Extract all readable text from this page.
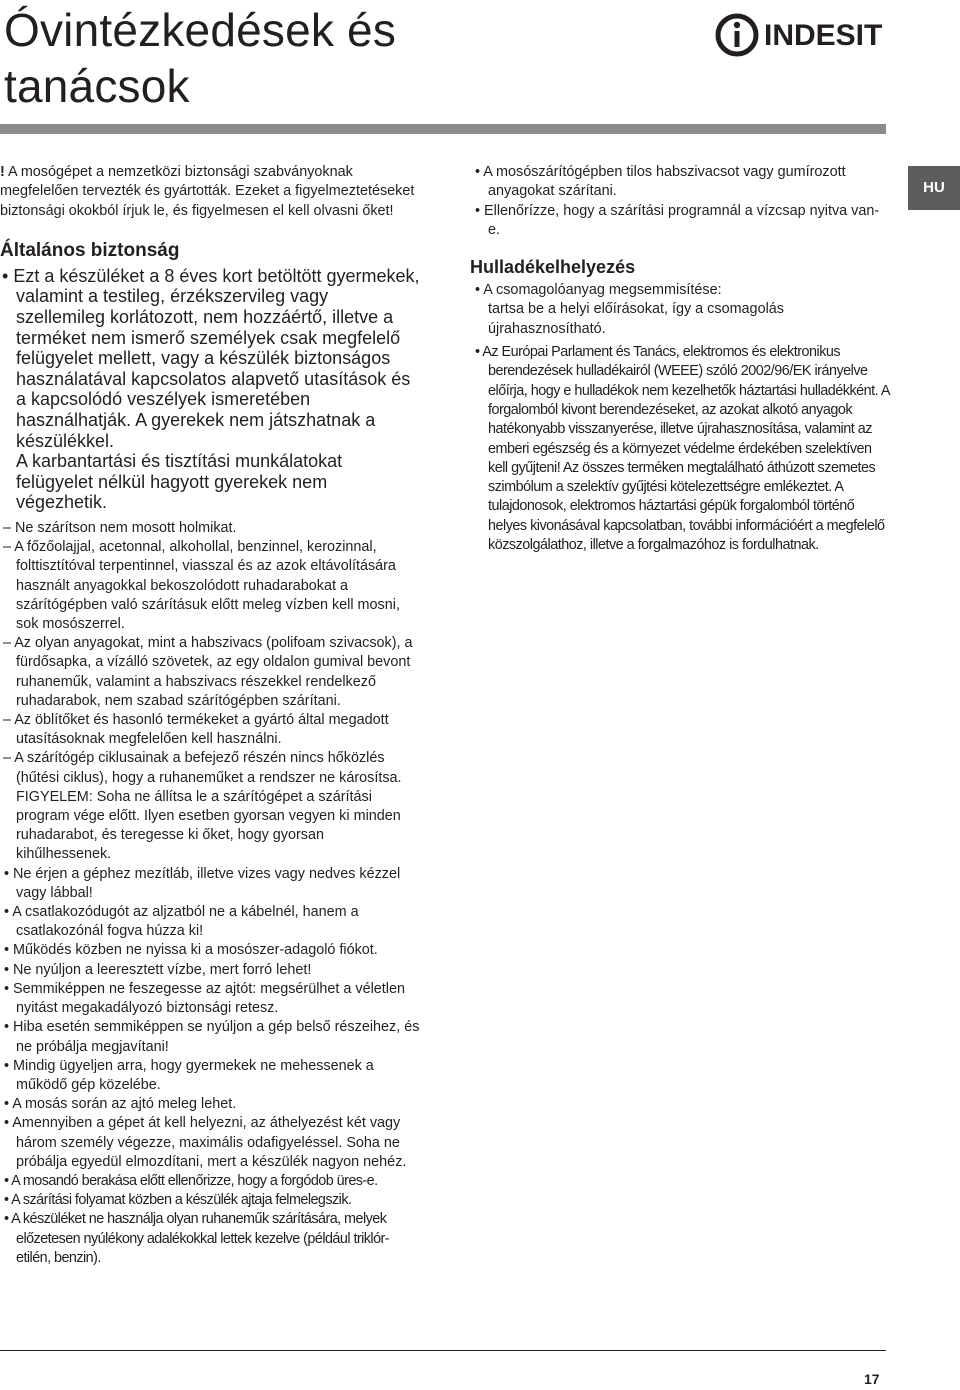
Óvintézkedések és tanácsok
INDESIT
HU

! A mosógépet a nemzetközi biztonsági szabványoknak megfelelően tervezték és gyártották. Ezeket a figyelmeztetéseket biztonsági okokból írjuk le, és figyelmesen el kell olvasni őket!

Általános biztonság

• Ezt a készüléket a 8 éves kort betöltött gyermekek, valamint a testileg, érzékszervileg vagy szellemileg korlátozott, nem hozzáértő, illetve a terméket nem ismerő személyek csak megfelelő felügyelet mellett, vagy a készülék biztonságos használatával kapcsolatos alapvető utasítások és a kapcsolódó veszélyek ismeretében használhatják. A gyerekek nem játszhatnak a készülékkel.

A karbantartási és tisztítási munkálatokat felügyelet nélkül hagyott gyerekek nem végezhetik.

– Ne szárítson nem mosott holmikat.

– A főzőolajjal, acetonnal, alkohollal, benzinnel, kerozinnal, folttisztítóval terpentinnel, viasszal és az azok eltávolítására használt anyagokkal bekoszolódott ruhadarabokat a szárítógépben való szárításuk előtt meleg vízben kell mosni, sok mosószerrel.

– Az olyan anyagokat, mint a habszivacs (polifoam szivacsok), a fürdősapka, a vízálló szövetek, az egy oldalon gumival bevont ruhaneműk, valamint a habszivacs részekkel rendelkező ruhadarabok, nem szabad szárítógépben szárítani.

– Az öblítőket és hasonló termékeket a gyártó által megadott utasításoknak megfelelően kell használni.

– A szárítógép ciklusainak a befejező részén nincs hőközlés (hűtési ciklus), hogy a ruhaneműket a rendszer ne károsítsa.

FIGYELEM: Soha ne állítsa le a szárítógépet a szárítási program vége előtt. Ilyen esetben gyorsan vegyen ki minden ruhadarabot, és teregesse ki őket, hogy gyorsan kihűlhessenek.

• Ne érjen a géphez mezítláb, illetve vizes vagy nedves kézzel vagy lábbal!

• A csatlakozódugót az aljzatból ne a kábelnél, hanem a csatlakozónál fogva húzza ki!

• Működés közben ne nyissa ki a mosószer-adagoló fiókot.

• Ne nyúljon a leeresztett vízbe, mert forró lehet!

• Semmiképpen ne feszegesse az ajtót: megsérülhet a véletlen nyitást megakadályozó biztonsági retesz.

• Hiba esetén semmiképpen se nyúljon a gép belső részeihez, és ne próbálja megjavítani!

• Mindig ügyeljen arra, hogy gyermekek ne mehessenek a működő gép közelébe.

• A mosás során az ajtó meleg lehet.

• Amennyiben a gépet át kell helyezni, az áthelyezést két vagy három személy végezze, maximális odafigyeléssel. Soha ne próbálja egyedül elmozdítani, mert a készülék nagyon nehéz.

• A mosandó berakása előtt ellenőrizze, hogy a forgódob üres-e.

• A szárítási folyamat közben a készülék ajtaja felmelegszik.

• A készüléket ne használja olyan ruhaneműk szárítására, melyek előzetesen nyúlékony adalékokkal lettek kezelve (például triklór-etilén, benzin).

• A mosószárítógépben tilos habszivacsot vagy gumírozott anyagokat szárítani.

• Ellenőrízze, hogy a szárítási programnál a vízcsap nyitva van-e.

Hulladékelhelyezés

• A csomagolóanyag megsemmisítése:

tartsa be a helyi előírásokat, így a csomagolás újrahasznosítható.

• Az Európai Parlament és Tanács, elektromos és elektronikus berendezések hulladékairól (WEEE) szóló 2002/96/EK irányelve előírja, hogy e hulladékok nem kezelhetők háztartási hulladékként. A forgalomból kivont berendezéseket, az azokat alkotó anyagok hatékonyabb visszanyerése, illetve újrahasznosítása, valamint az emberi egészség és a környezet védelme érdekében szelektíven kell gyűjteni! Az összes terméken megtalálható áthúzott szemetes szimbólum a szelektív gyűjtési kötelezettségre emlékeztet. A tulajdonosok, elektromos háztartási gépük forgalomból történő helyes kivonásával kapcsolatban, további információért a megfelelő közszolgálathoz, illetve a forgalmazóhoz is fordulhatnak.

17
